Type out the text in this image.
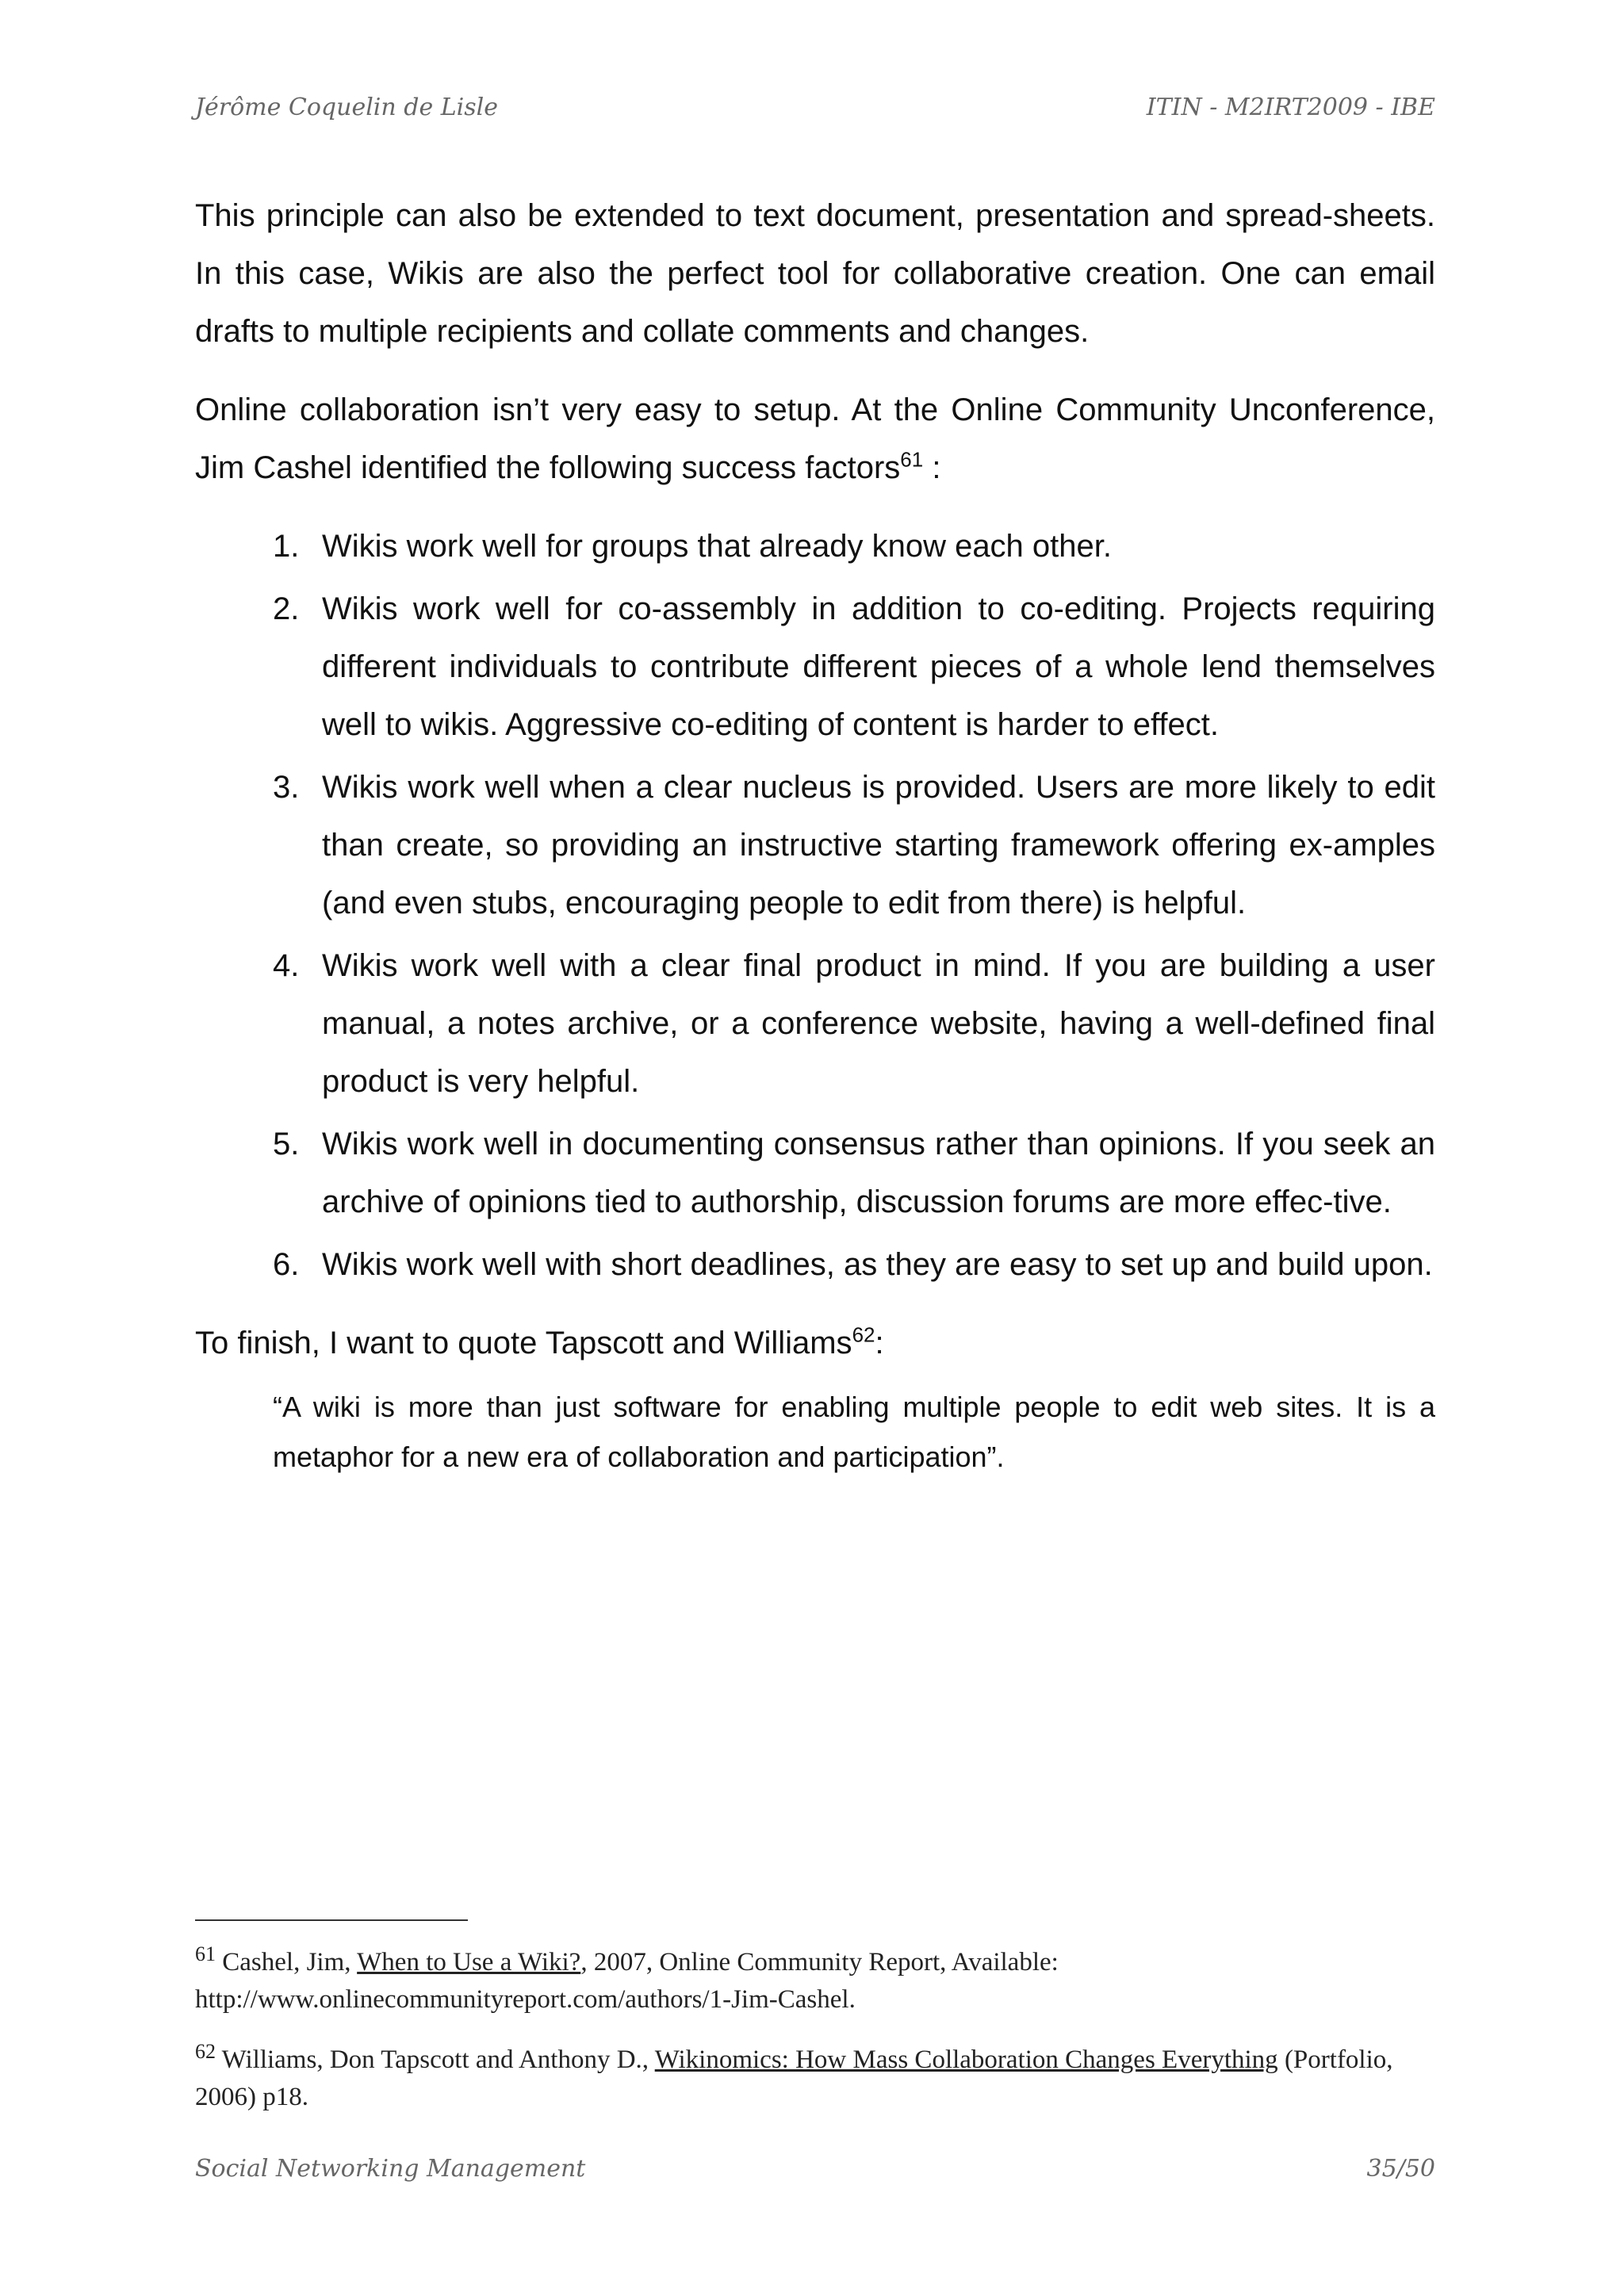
Jérôme Coquelin de Lisle	ITIN - M2IRT2009 - IBE

This principle can also be extended to text document, presentation and spread-sheets. In this case, Wikis are also the perfect tool for collaborative creation. One can email drafts to multiple recipients and collate comments and changes.

Online collaboration isn’t very easy to setup. At the Online Community Unconference, Jim Cashel identified the following success factors$^{61}$ :

1. Wikis work well for groups that already know each other.
2. Wikis work well for co-assembly in addition to co-editing. Projects requiring different individuals to contribute different pieces of a whole lend themselves well to wikis. Aggressive co-editing of content is harder to effect.
3. Wikis work well when a clear nucleus is provided. Users are more likely to edit than create, so providing an instructive starting framework offering ex-amples (and even stubs, encouraging people to edit from there) is helpful.
4. Wikis work well with a clear final product in mind. If you are building a user manual, a notes archive, or a conference website, having a well-defined final product is very helpful.
5. Wikis work well in documenting consensus rather than opinions. If you seek an archive of opinions tied to authorship, discussion forums are more effec-tive.
6. Wikis work well with short deadlines, as they are easy to set up and build upon.

To finish, I want to quote Tapscott and Williams$^{62}$:

“A wiki is more than just software for enabling multiple people to edit web sites. It is a metaphor for a new era of collaboration and participation”.

$^{61}$ Cashel, Jim, When to Use a Wiki?, 2007, Online Community Report, Available: http://www.onlinecommunityreport.com/authors/1-Jim-Cashel.
$^{62}$ Williams, Don Tapscott and Anthony D., Wikinomics: How Mass Collaboration Changes Everything (Portfolio, 2006) p18.
Social Networking Management	35/50
